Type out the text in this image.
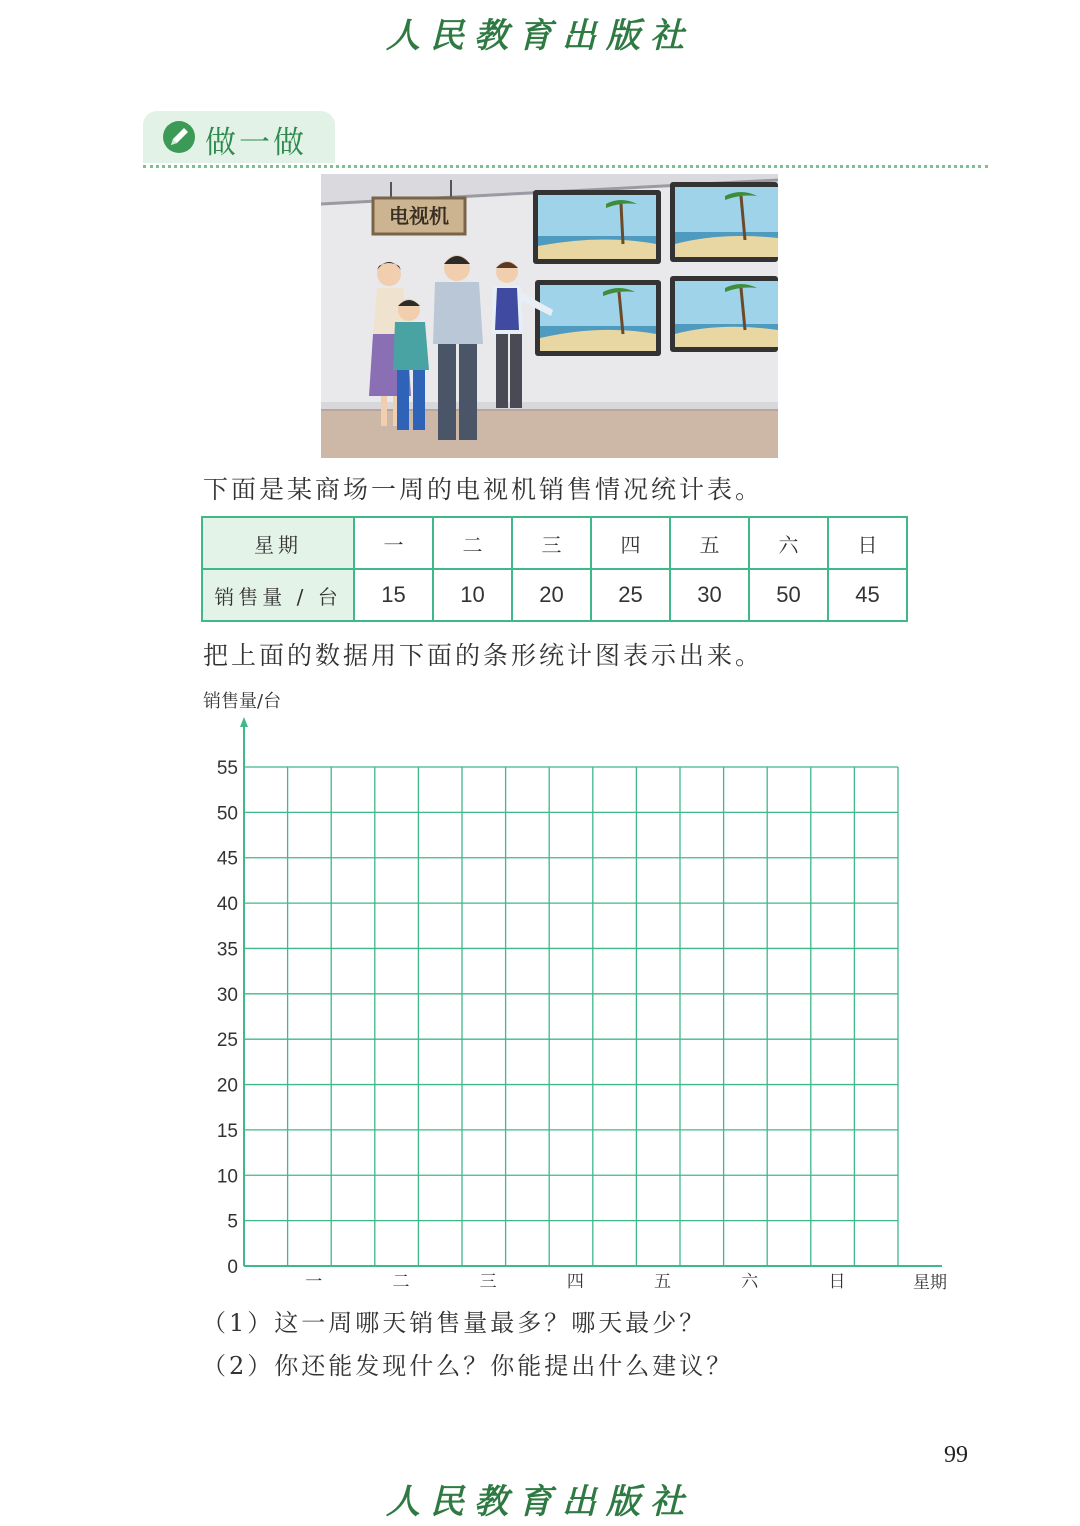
人民教育出版社
做一做
电视机
下面是某商场一周的电视机销售情况统计表。
星期	一	二	三	四	五	六	日
销售量 / 台	15	10	20	25	30	50	45
把上面的数据用下面的条形统计图表示出来。
销售量/台
0
5
10
15
20
25
30
35
40
45
50
55
一	二	三	四	五	六	日	星期
（1）这一周哪天销售量最多？哪天最少？
（2）你还能发现什么？你能提出什么建议？
99
人民教育出版社
